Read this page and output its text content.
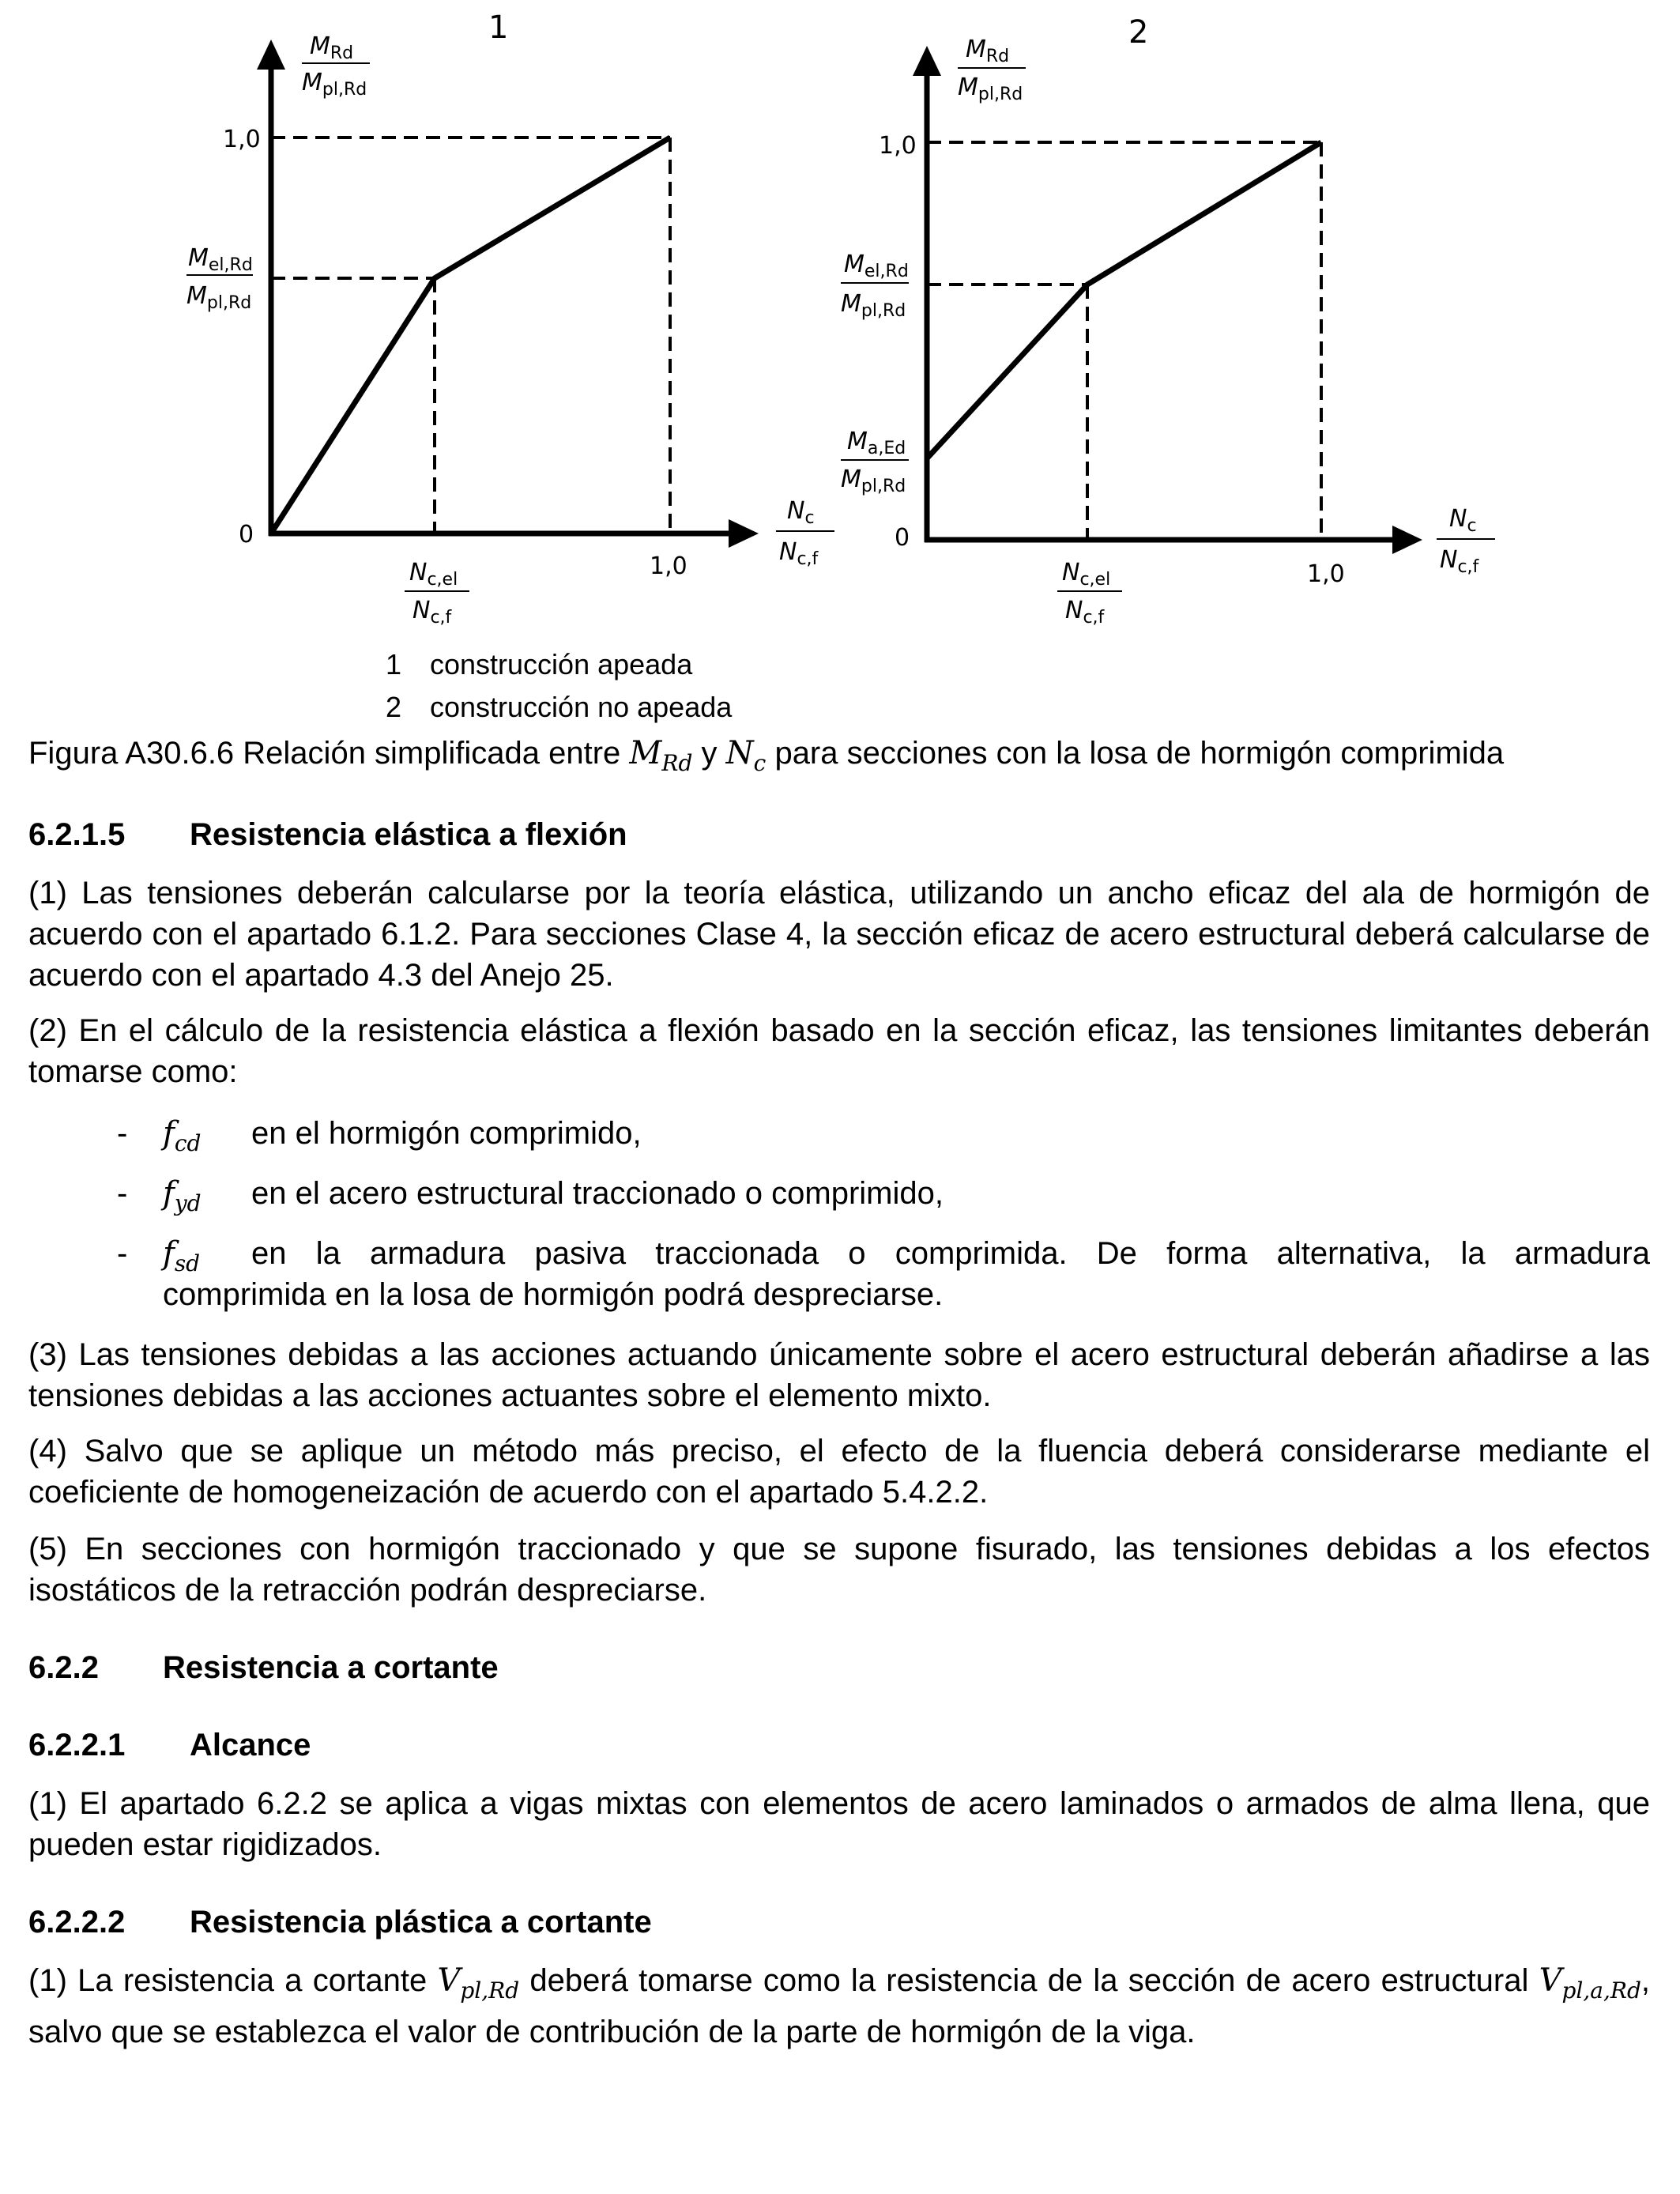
1
$M_{Rd}$
$M_{pl,Rd}$
1,0
$M_{el,Rd}$
$M_{pl,Rd}$
0
$N_{c,el}$
$N_{c,f}$
1,0
$N_c$
$N_{c,f}$
2
$M_{Rd}$
$M_{pl,Rd}$
1,0
$M_{el,Rd}$
$M_{pl,Rd}$
$M_{a,Ed}$
$M_{pl,Rd}$
0
$N_{c,el}$
$N_{c,f}$
1,0
$N_c$
$N_{c,f}$
1 construcción apeada
2 construcción no apeada
Figura A30.6.6 Relación simplificada entre $M_{Rd}$ y $N_c$ para secciones con la losa de hormigón comprimida
6.2.1.5 Resistencia elástica a flexión
(1) Las tensiones deberán calcularse por la teoría elástica, utilizando un ancho eficaz del ala de hormigón de acuerdo con el apartado 6.1.2. Para secciones Clase 4, la sección eficaz de acero estructural deberá calcularse de acuerdo con el apartado 4.3 del Anejo 25.
(2) En el cálculo de la resistencia elástica a flexión basado en la sección eficaz, las tensiones limitantes deberán tomarse como:
- $f_{cd}$ en el hormigón comprimido,
- $f_{yd}$ en el acero estructural traccionado o comprimido,
- $f_{sd}$ en la armadura pasiva traccionada o comprimida. De forma alternativa, la armadura
comprimida en la losa de hormigón podrá despreciarse.
(3) Las tensiones debidas a las acciones actuando únicamente sobre el acero estructural deberán añadirse a las tensiones debidas a las acciones actuantes sobre el elemento mixto.
(4) Salvo que se aplique un método más preciso, el efecto de la fluencia deberá considerarse mediante el coeficiente de homogeneización de acuerdo con el apartado 5.4.2.2.
(5) En secciones con hormigón traccionado y que se supone fisurado, las tensiones debidas a los efectos isostáticos de la retracción podrán despreciarse.
6.2.2 Resistencia a cortante
6.2.2.1 Alcance
(1) El apartado 6.2.2 se aplica a vigas mixtas con elementos de acero laminados o armados de alma llena, que pueden estar rigidizados.
6.2.2.2 Resistencia plástica a cortante
(1) La resistencia a cortante $V_{pl,Rd}$ deberá tomarse como la resistencia de la sección de acero estructural $V_{pl,a,Rd}$, salvo que se establezca el valor de contribución de la parte de hormigón de la viga.
